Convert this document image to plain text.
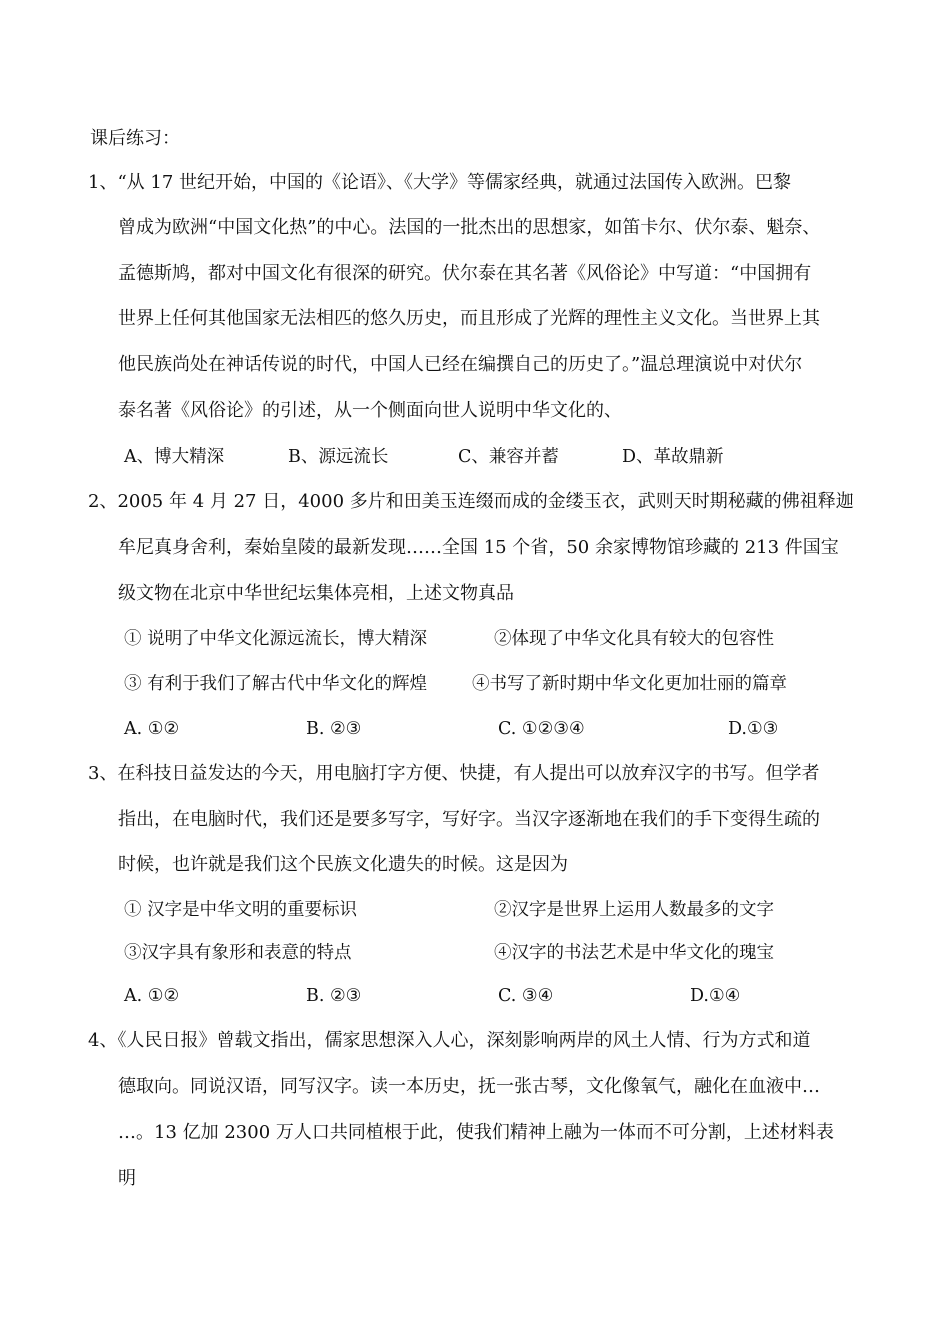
课后练习：
1、“从 17 世纪开始，中国的《论语》、《大学》等儒家经典，就通过法国传入欧洲。巴黎
曾成为欧洲“中国文化热”的中心。法国的一批杰出的思想家，如笛卡尔、伏尔泰、魁奈、
孟德斯鸠，都对中国文化有很深的研究。伏尔泰在其名著《风俗论》中写道：“中国拥有
世界上任何其他国家无法相匹的悠久历史，而且形成了光辉的理性主义文化。当世界上其
他民族尚处在神话传说的时代，中国人已经在编撰自己的历史了。”温总理演说中对伏尔
泰名著《风俗论》的引述，从一个侧面向世人说明中华文化的、
A、博大精深	B、源远流长	C、兼容并蓄	D、革故鼎新
2、2005 年 4 月 27 日，4000 多片和田美玉连缀而成的金缕玉衣，武则天时期秘藏的佛祖释迦
牟尼真身舍利，秦始皇陵的最新发现……全国 15 个省，50 余家博物馆珍藏的 213 件国宝
级文物在北京中华世纪坛集体亮相，上述文物真品
① 说明了中华文化源远流长，博大精深	②体现了中华文化具有较大的包容性
③ 有利于我们了解古代中华文化的辉煌	④书写了新时期中华文化更加壮丽的篇章
A. ①②	B. ②③	C. ①②③④	D.①③
3、在科技日益发达的今天，用电脑打字方便、快捷，有人提出可以放弃汉字的书写。但学者
指出，在电脑时代，我们还是要多写字，写好字。当汉字逐渐地在我们的手下变得生疏的
时候，也许就是我们这个民族文化遗失的时候。这是因为
① 汉字是中华文明的重要标识	②汉字是世界上运用人数最多的文字
③汉字具有象形和表意的特点	④汉字的书法艺术是中华文化的瑰宝
A. ①②	B. ②③	C. ③④	D.①④
4、《人民日报》曾载文指出，儒家思想深入人心，深刻影响两岸的风土人情、行为方式和道
德取向。同说汉语，同写汉字。读一本历史，抚一张古琴，文化像氧气，融化在血液中…
…。13 亿加 2300 万人口共同植根于此，使我们精神上融为一体而不可分割，上述材料表
明
